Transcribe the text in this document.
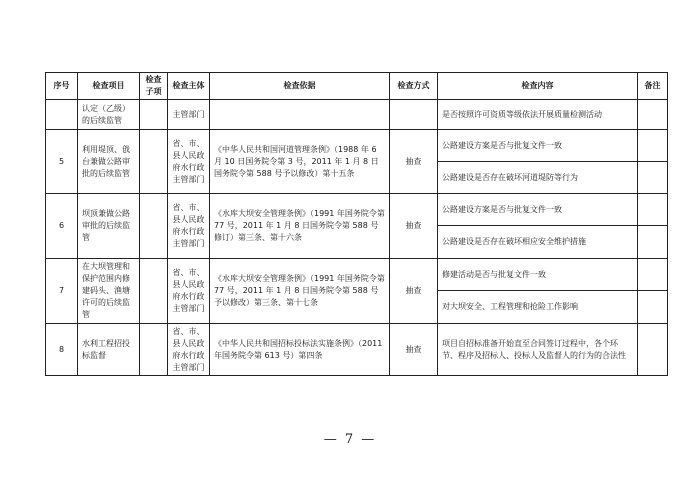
序号	检查项目	检查子项	检查主体	检查依据	检查方式	检查内容	备注
	认定（乙级）的后续监管		主管部门			是否按照许可资质等级依法开展质量检测活动	
5	利用堤顶、戗台兼做公路审批的后续监管		省、市、县人民政府水行政主管部门	《中华人民共和国河道管理条例》（1988 年 6 月 10 日国务院令第 3 号，2011 年 1 月 8 日国务院令第 588 号予以修改）第十五条	抽查	公路建设方案是否与批复文件一致	
						公路建设是否存在破坏河道堤防等行为	
6	坝顶兼做公路审批的后续监管		省、市、县人民政府水行政主管部门	《水库大坝安全管理条例》（1991 年国务院令第 77 号，2011 年 1 月 8 日国务院令第 588 号修订）第三条、第十六条	抽查	公路建设方案是否与批复文件一致	
						公路建设是否存在破坏相应安全维护措施	
7	在大坝管理和保护范围内修建码头、渔塘许可的后续监管		省、市、县人民政府水行政主管部门	《水库大坝安全管理条例》（1991 年国务院令第 77 号，2011 年 1 月 8 日国务院令第 588 号予以修改）第三条、第十七条	抽查	修建活动是否与批复文件一致	
						对大坝安全、工程管理和抢险工作影响	
8	水利工程招投标监督		省、市、县人民政府水行政主管部门	《中华人民共和国招标投标法实施条例》（2011 年国务院令第 613 号）第四条	抽查	项目自招标准备开始直至合同签订过程中，各个环节、程序及招标人、投标人及监督人的行为的合法性	
— 7 —
